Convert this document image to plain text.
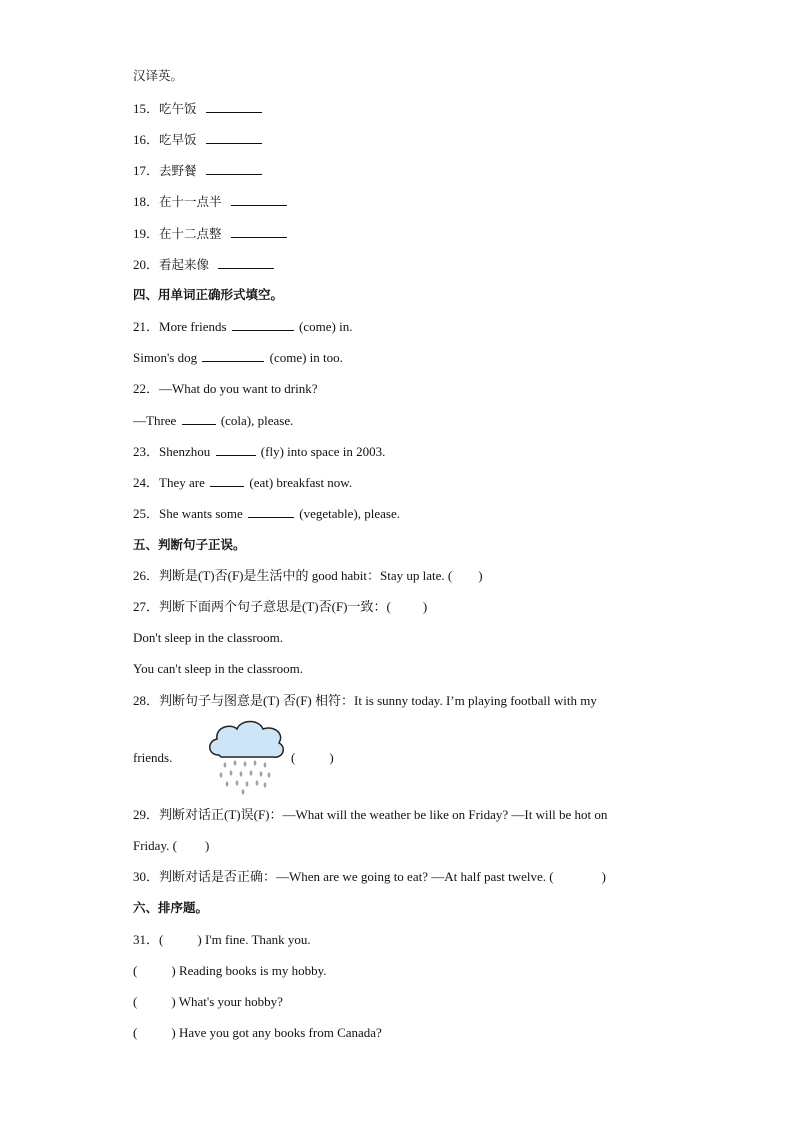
汉译英。
15．吃午饭
16．吃早饭
17．去野餐
18．在十一点半
19．在十二点整
20．看起来像
四、用单词正确形式填空。
21．More friends	(come) in.
Simon's dog	(come) in too.
22．—What do you want to drink?
—Three	(cola), please.
23．Shenzhou	(fly) into space in 2003.
24．They are	(eat) breakfast now.
25．She wants some	(vegetable), please.
五、判断句子正误。
26．判断是(T)否(F)是生活中的 good habit：Stay up late. ( )
27．判断下面两个句子意思是(T)否(F)一致：( )
Don't sleep in the classroom.
You can't sleep in the classroom.
28．判断句子与图意是(T) 否(F) 相符：It is sunny today. I’m playing football with my
friends.	(	)
29．判断对话正(T)误(F)：—What will the weather be like on Friday? —It will be hot on
Friday. ( )
30．判断对话是否正确：—When are we going to eat? —At half past twelve. (	)
六、排序题。
31．(	) I'm fine. Thank you.
(	) Reading books is my hobby.
(	) What's your hobby?
(	) Have you got any books from Canada?
